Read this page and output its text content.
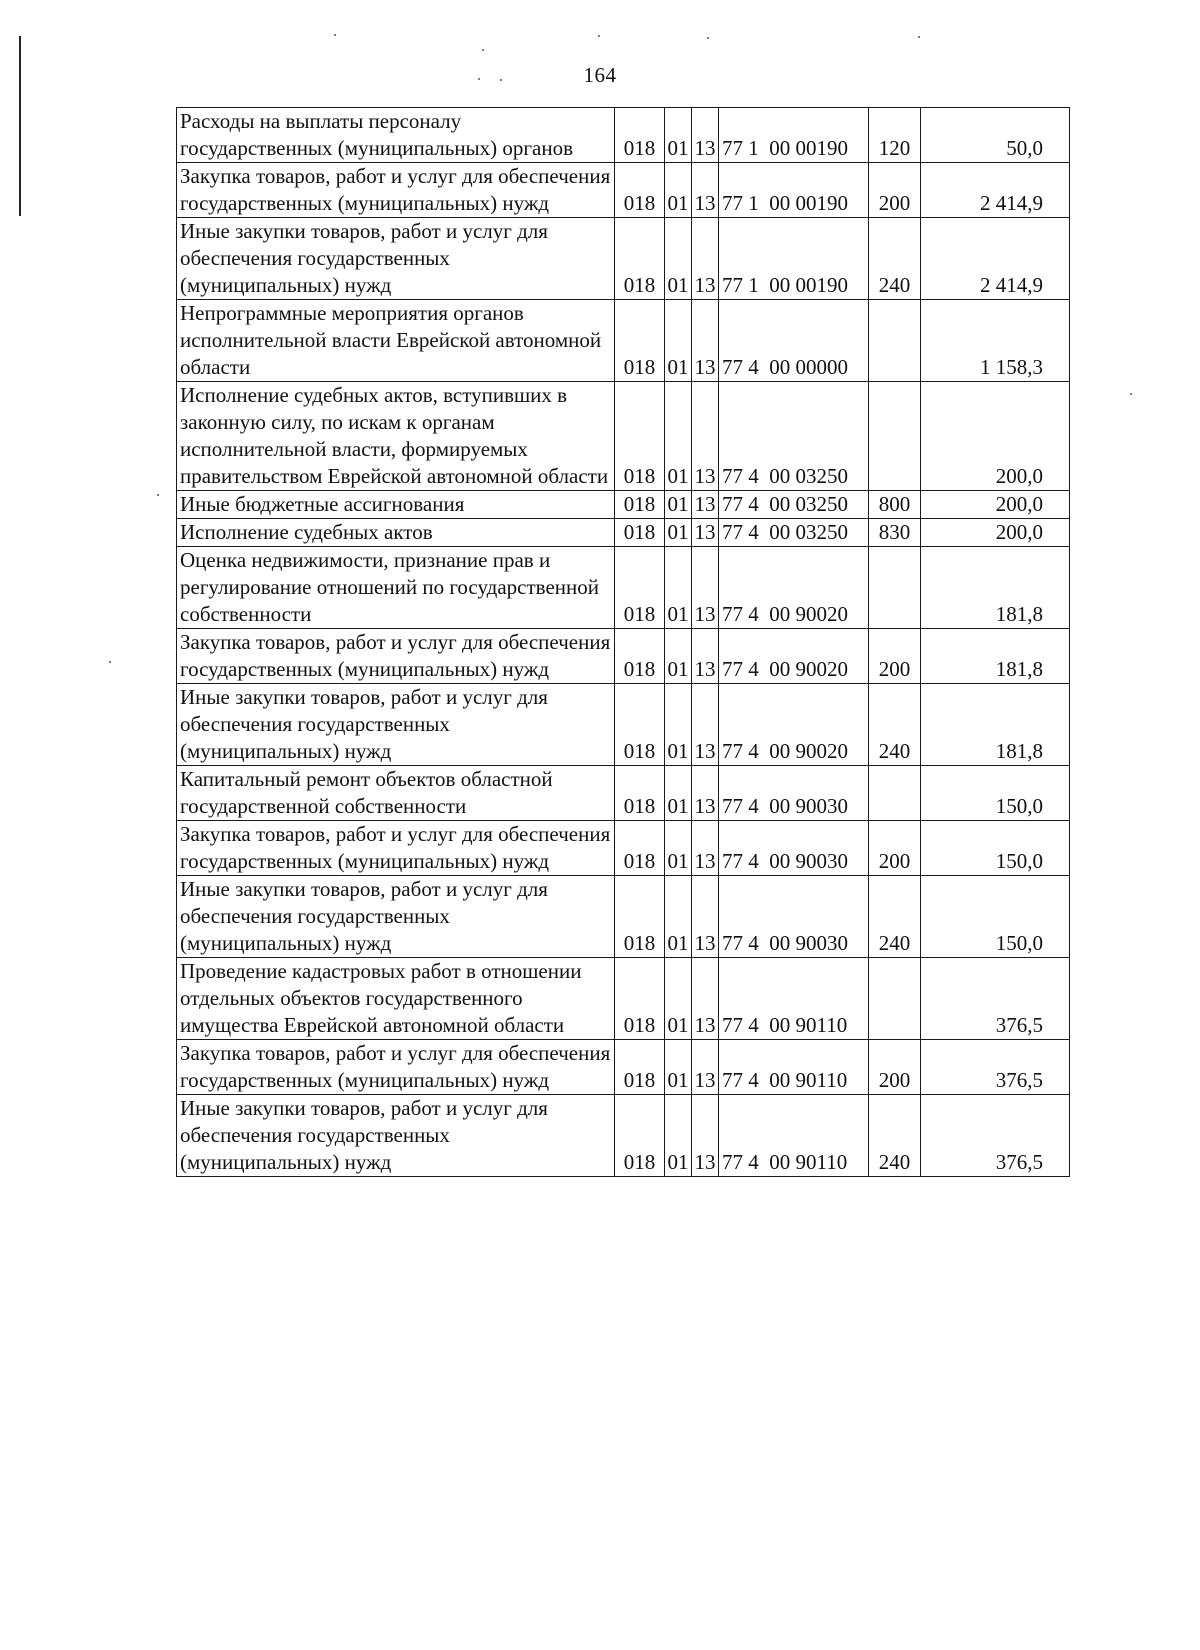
164
Расходы на выплаты персоналу государственных (муниципальных) органов	018	01	13	77 1  00 00190	120	50,0
Закупка товаров, работ и услуг для обеспечения государственных (муниципальных) нужд	018	01	13	77 1  00 00190	200	2 414,9
Иные закупки товаров, работ и услуг для обеспечения государственных (муниципальных) нужд	018	01	13	77 1  00 00190	240	2 414,9
Непрограммные мероприятия органов исполнительной власти Еврейской автономной области	018	01	13	77 4  00 00000		1 158,3
Исполнение судебных актов, вступивших в законную силу, по искам к органам исполнительной власти, формируемых правительством Еврейской автономной области	018	01	13	77 4  00 03250		200,0
Иные бюджетные ассигнования	018	01	13	77 4  00 03250	800	200,0
Исполнение судебных актов	018	01	13	77 4  00 03250	830	200,0
Оценка недвижимости, признание прав и регулирование отношений по государственной собственности	018	01	13	77 4  00 90020		181,8
Закупка товаров, работ и услуг для обеспечения государственных (муниципальных) нужд	018	01	13	77 4  00 90020	200	181,8
Иные закупки товаров, работ и услуг для обеспечения государственных (муниципальных) нужд	018	01	13	77 4  00 90020	240	181,8
Капитальный ремонт объектов областной государственной собственности	018	01	13	77 4  00 90030		150,0
Закупка товаров, работ и услуг для обеспечения государственных (муниципальных) нужд	018	01	13	77 4  00 90030	200	150,0
Иные закупки товаров, работ и услуг для обеспечения государственных (муниципальных) нужд	018	01	13	77 4  00 90030	240	150,0
Проведение кадастровых работ в отношении отдельных объектов государственного имущества Еврейской автономной области	018	01	13	77 4  00 90110		376,5
Закупка товаров, работ и услуг для обеспечения государственных (муниципальных) нужд	018	01	13	77 4  00 90110	200	376,5
Иные закупки товаров, работ и услуг для обеспечения государственных (муниципальных) нужд	018	01	13	77 4  00 90110	240	376,5
